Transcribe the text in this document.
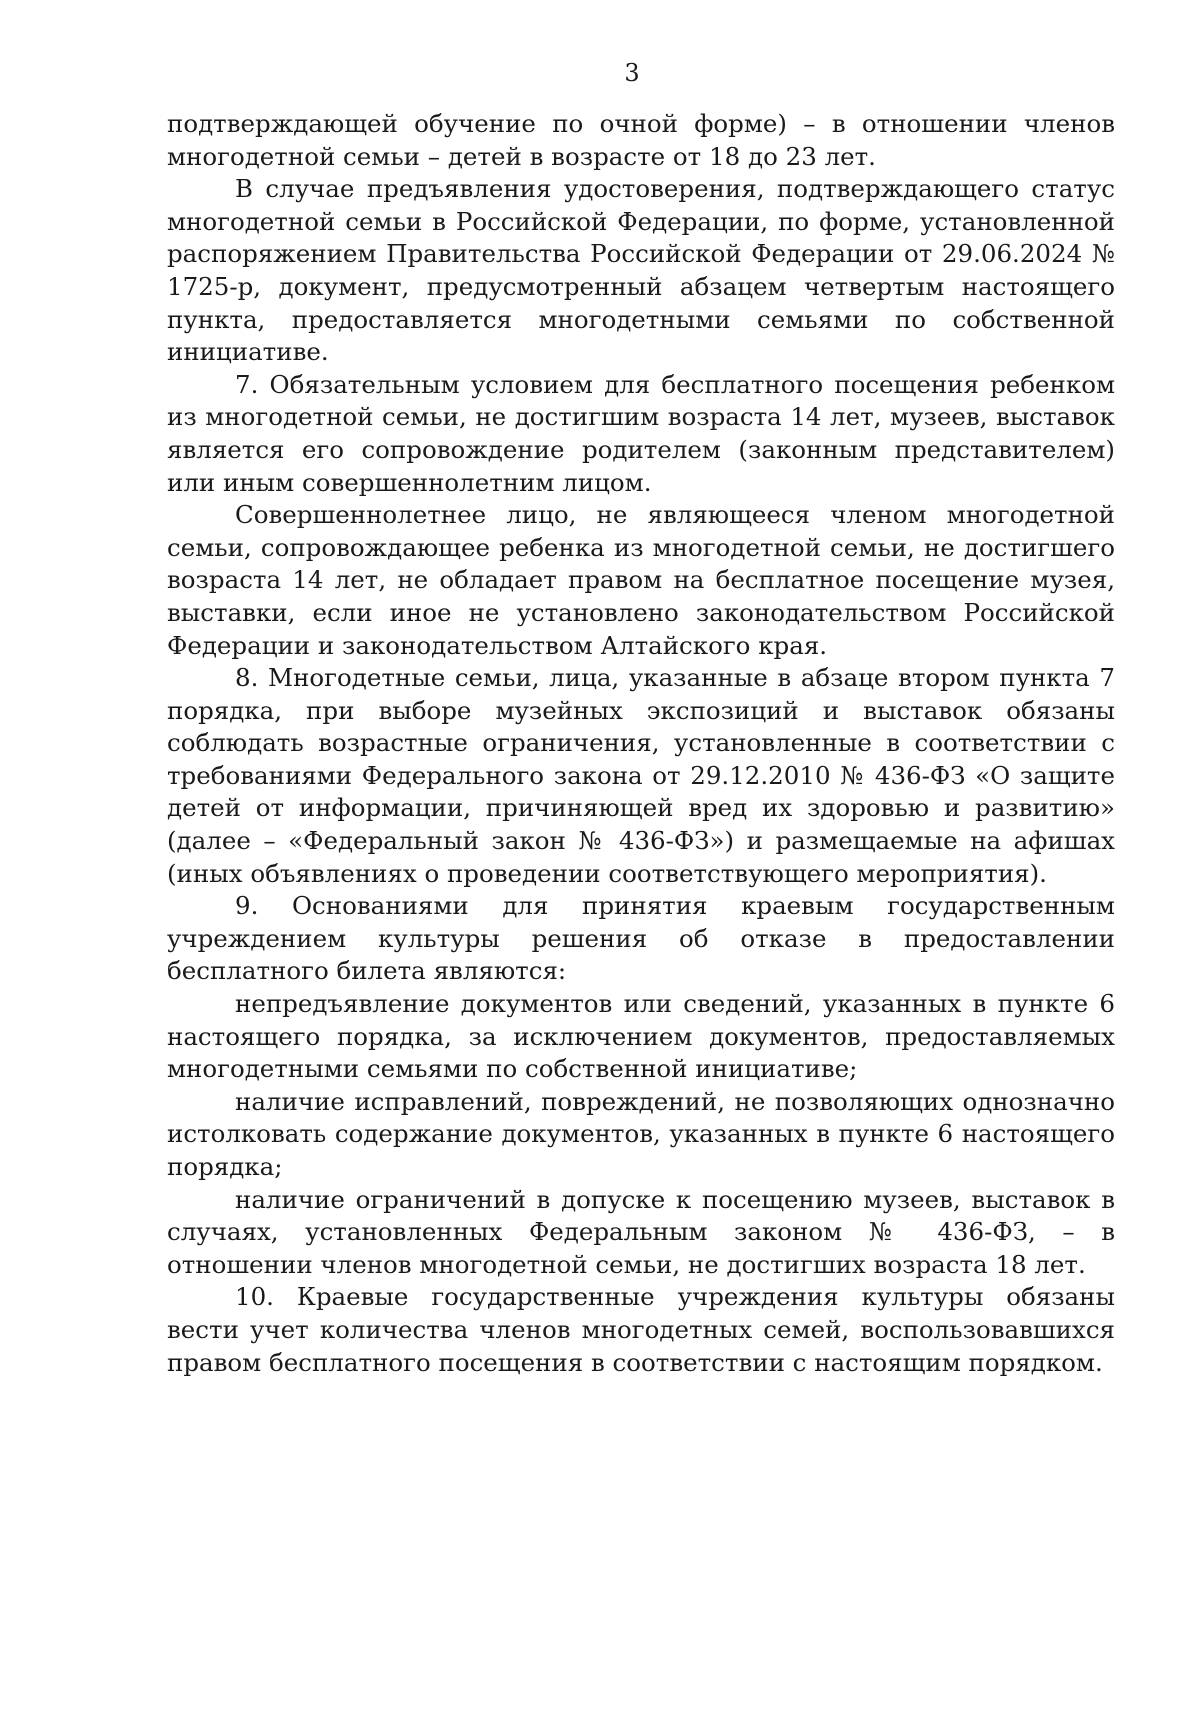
3

подтверждающей обучение по очной форме) – в отношении членов многодетной семьи – детей в возрасте от 18 до 23 лет.

В случае предъявления удостоверения, подтверждающего статус многодетной семьи в Российской Федерации, по форме, установленной распоряжением Правительства Российской Федерации от 29.06.2024 № 1725-р, документ, предусмотренный абзацем четвертым настоящего пункта, предоставляется многодетными семьями по собственной инициативе.

7. Обязательным условием для бесплатного посещения ребенком из многодетной семьи, не достигшим возраста 14 лет, музеев, выставок является его сопровождение родителем (законным представителем) или иным совершеннолетним лицом.

Совершеннолетнее лицо, не являющееся членом многодетной семьи, сопровождающее ребенка из многодетной семьи, не достигшего возраста 14 лет, не обладает правом на бесплатное посещение музея, выставки, если иное не установлено законодательством Российской Федерации и законодательством Алтайского края.

8. Многодетные семьи, лица, указанные в абзаце втором пункта 7 порядка, при выборе музейных экспозиций и выставок обязаны соблюдать возрастные ограничения, установленные в соответствии с требованиями Федерального закона от 29.12.2010 № 436-ФЗ «О защите детей от информации, причиняющей вред их здоровью и развитию» (далее – «Федеральный закон № 436-ФЗ») и размещаемые на афишах (иных объявлениях о проведении соответствующего мероприятия).

9. Основаниями для принятия краевым государственным учреждением культуры решения об отказе в предоставлении бесплатного билета являются:

непредъявление документов или сведений, указанных в пункте 6 настоящего порядка, за исключением документов, предоставляемых многодетными семьями по собственной инициативе;

наличие исправлений, повреждений, не позволяющих однозначно истолковать содержание документов, указанных в пункте 6 настоящего порядка;

наличие ограничений в допуске к посещению музеев, выставок в случаях, установленных Федеральным законом № 436-ФЗ, – в отношении членов многодетной семьи, не достигших возраста 18 лет.

10. Краевые государственные учреждения культуры обязаны вести учет количества членов многодетных семей, воспользовавшихся правом бесплатного посещения в соответствии с настоящим порядком.
